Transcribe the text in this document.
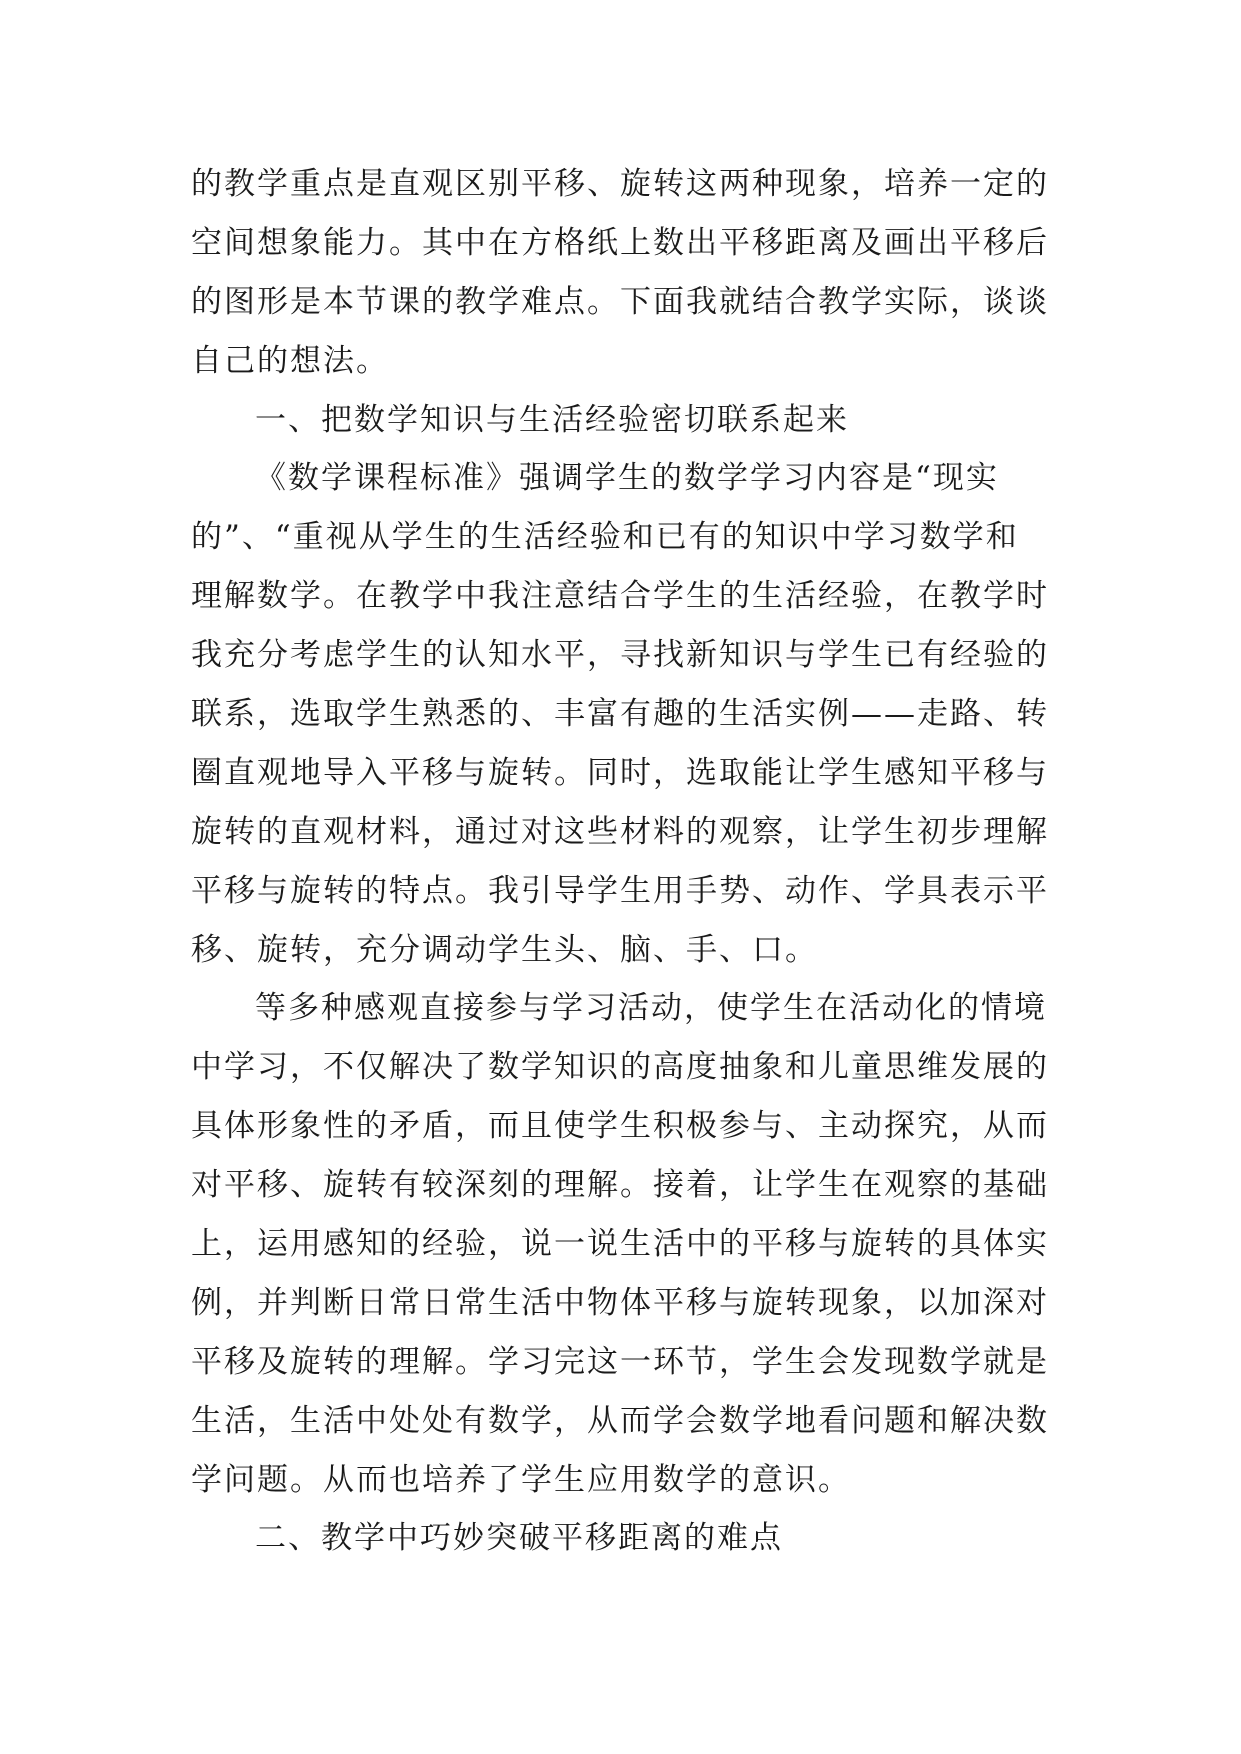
的教学重点是直观区别平移、旋转这两种现象，培养一定的
空间想象能力。其中在方格纸上数出平移距离及画出平移后
的图形是本节课的教学难点。下面我就结合教学实际，谈谈
自己的想法。
一、把数学知识与生活经验密切联系起来
《数学课程标准》强调学生的数学学习内容是“现实
的”、“重视从学生的生活经验和已有的知识中学习数学和
理解数学。在教学中我注意结合学生的生活经验，在教学时
我充分考虑学生的认知水平，寻找新知识与学生已有经验的
联系，选取学生熟悉的、丰富有趣的生活实例——走路、转
圈直观地导入平移与旋转。同时，选取能让学生感知平移与
旋转的直观材料，通过对这些材料的观察，让学生初步理解
平移与旋转的特点。我引导学生用手势、动作、学具表示平
移、旋转，充分调动学生头、脑、手、口。
等多种感观直接参与学习活动，使学生在活动化的情境
中学习，不仅解决了数学知识的高度抽象和儿童思维发展的
具体形象性的矛盾，而且使学生积极参与、主动探究，从而
对平移、旋转有较深刻的理解。接着，让学生在观察的基础
上，运用感知的经验，说一说生活中的平移与旋转的具体实
例，并判断日常日常生活中物体平移与旋转现象，以加深对
平移及旋转的理解。学习完这一环节，学生会发现数学就是
生活，生活中处处有数学，从而学会数学地看问题和解决数
学问题。从而也培养了学生应用数学的意识。
二、教学中巧妙突破平移距离的难点
